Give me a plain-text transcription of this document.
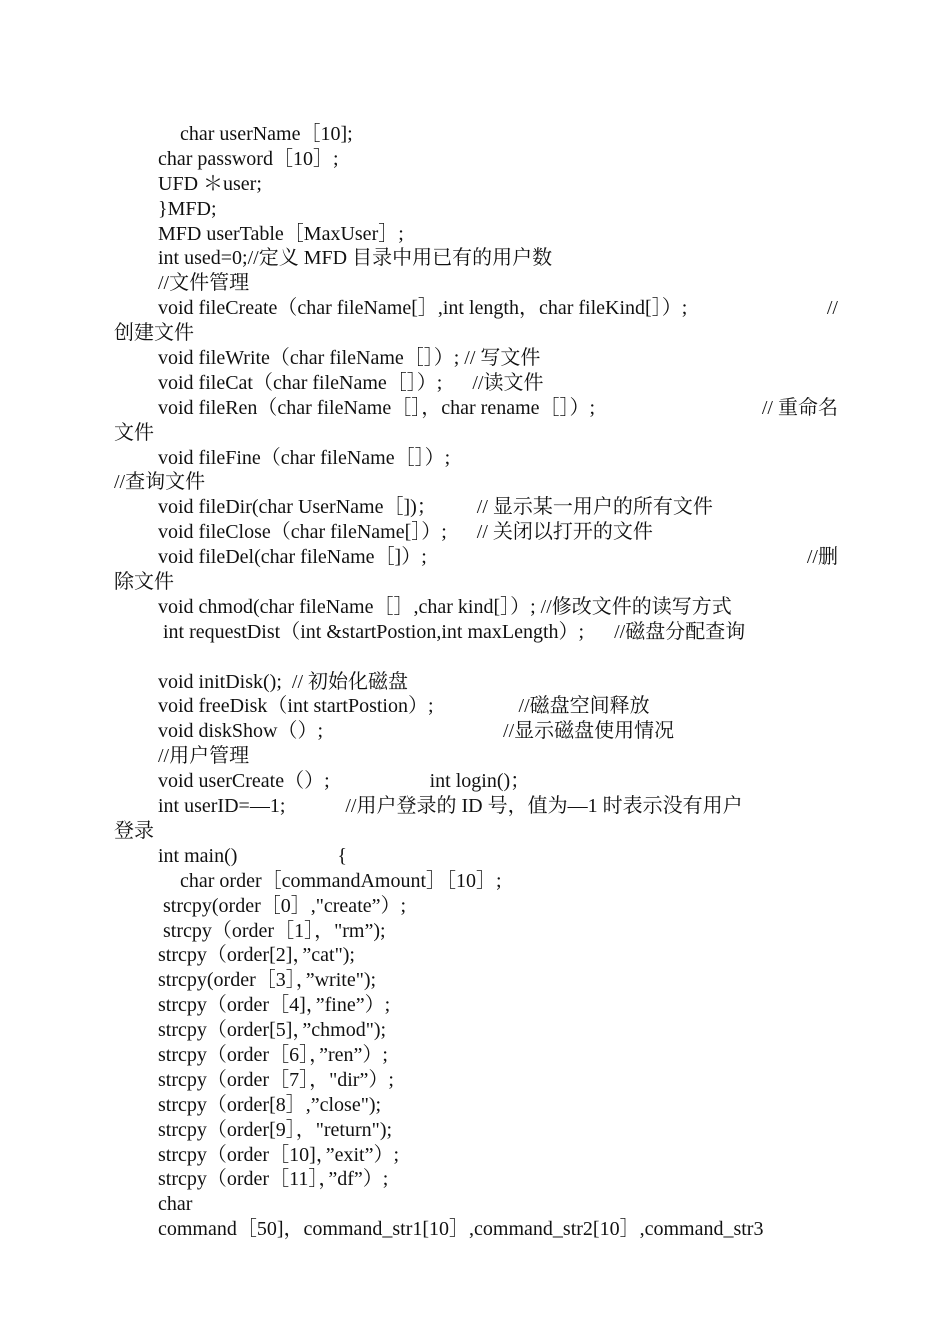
char userName［10];
char password［10］;
UFD ＊user;
}MFD;
MFD userTable［MaxUser］;
int used=0;//定义 MFD 目录中用已有的用户数
//文件管理
void fileCreate（char fileName[］,int length，char fileKind[］）;	//
创建文件
void fileWrite（char fileName［］）; // 写文件
void fileCat（char fileName［］）;      //读文件
void fileRen（char fileName［］，char rename［］）;	// 重命名
文件
void fileFine（char fileName［］）;
//查询文件
void fileDir(char UserName［])；        // 显示某一用户的所有文件
void fileClose（char fileName[］）;      // 关闭以打开的文件
void fileDel(char fileName［]）;	//删
除文件
void chmod(char fileName［］,char kind[］）; //修改文件的读写方式
int requestDist（int &startPostion,int maxLength）;      //磁盘分配查询
void initDisk();  // 初始化磁盘
void freeDisk（int startPostion）;                 //磁盘空间释放
void diskShow（）;                                    //显示磁盘使用情况
//用户管理
void userCreate（）;                    int login()；
int userID=—1;            //用户登录的 ID 号，值为—1 时表示没有用户
登录
int main()                    {
char order［commandAmount］［10］;
strcpy(order［0］,"create”）;
strcpy（order［1］，"rm”);
strcpy（order[2]，”cat");
strcpy(order［3］，”write");
strcpy（order［4]，”fine”）;
strcpy（order[5]，”chmod");
strcpy（order［6］，”ren”）;
strcpy（order［7］，"dir”）;
strcpy（order[8］,”close");
strcpy（order[9］，"return");
strcpy（order［10]，”exit”）;
strcpy（order［11］，”df”）;
char
command［50]，command_str1[10］,command_str2[10］,command_str3
